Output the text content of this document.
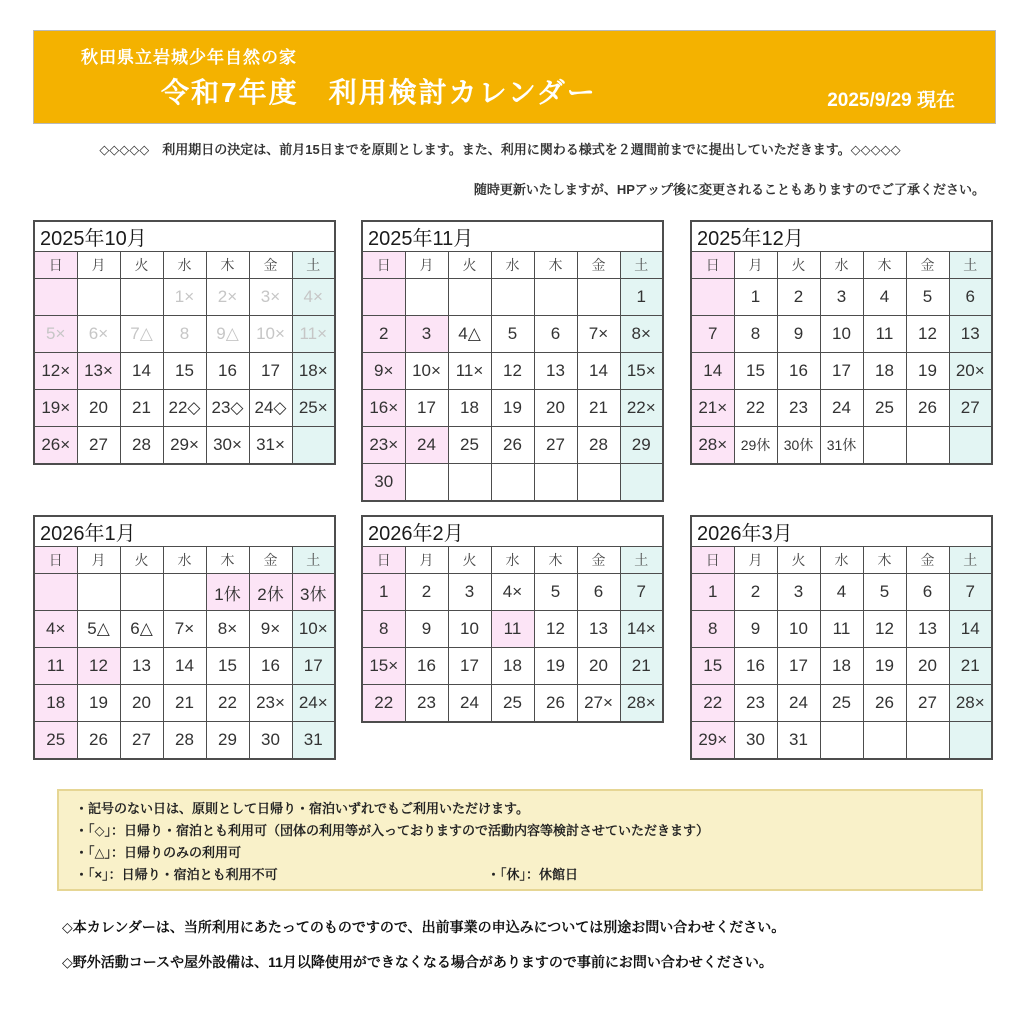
秋田県立岩城少年自然の家
令和7年度　利用検討カレンダー	2025/9/29 現在
◇◇◇◇◇　利用期日の決定は、前月15日までを原則とします。また、利用に関わる様式を２週間前までに提出していただきます。◇◇◇◇◇
随時更新いたしますが、HPアップ後に変更されることもありますのでご了承ください。
2025年10月						
日	月	火	水	木	金	土
			1×	2×	3×	4×
5×	6×	7△	8	9△	10×	11×
12×	13×	14	15	16	17	18×
19×	20	21	22◇	23◇	24◇	25×
26×	27	28	29×	30×	31×	
2025年11月						
日	月	火	水	木	金	土
						1
2	3	4△	5	6	7×	8×
9×	10×	11×	12	13	14	15×
16×	17	18	19	20	21	22×
23×	24	25	26	27	28	29
30						
2025年12月						
日	月	火	水	木	金	土
	1	2	3	4	5	6
7	8	9	10	11	12	13
14	15	16	17	18	19	20×
21×	22	23	24	25	26	27
28×	29休	30休	31休			
2026年1月						
日	月	火	水	木	金	土
				1休	2休	3休
4×	5△	6△	7×	8×	9×	10×
11	12	13	14	15	16	17
18	19	20	21	22	23×	24×
25	26	27	28	29	30	31
2026年2月						
日	月	火	水	木	金	土
1	2	3	4×	5	6	7
8	9	10	11	12	13	14×
15×	16	17	18	19	20	21
22	23	24	25	26	27×	28×
2026年3月						
日	月	火	水	木	金	土
1	2	3	4	5	6	7
8	9	10	11	12	13	14
15	16	17	18	19	20	21
22	23	24	25	26	27	28×
29×	30	31				
・記号のない日は、原則として日帰り・宿泊いずれでもご利用いただけます。
・「◇」：日帰り・宿泊とも利用可（団体の利用等が入っておりますので活動内容等検討させていただきます）
・「△」：日帰りのみの利用可
・「×」：日帰り・宿泊とも利用不可	・「休」：休館日
◇本カレンダーは、当所利用にあたってのものですので、出前事業の申込みについては別途お問い合わせください。
◇野外活動コースや屋外設備は、11月以降使用ができなくなる場合がありますので事前にお問い合わせください。
